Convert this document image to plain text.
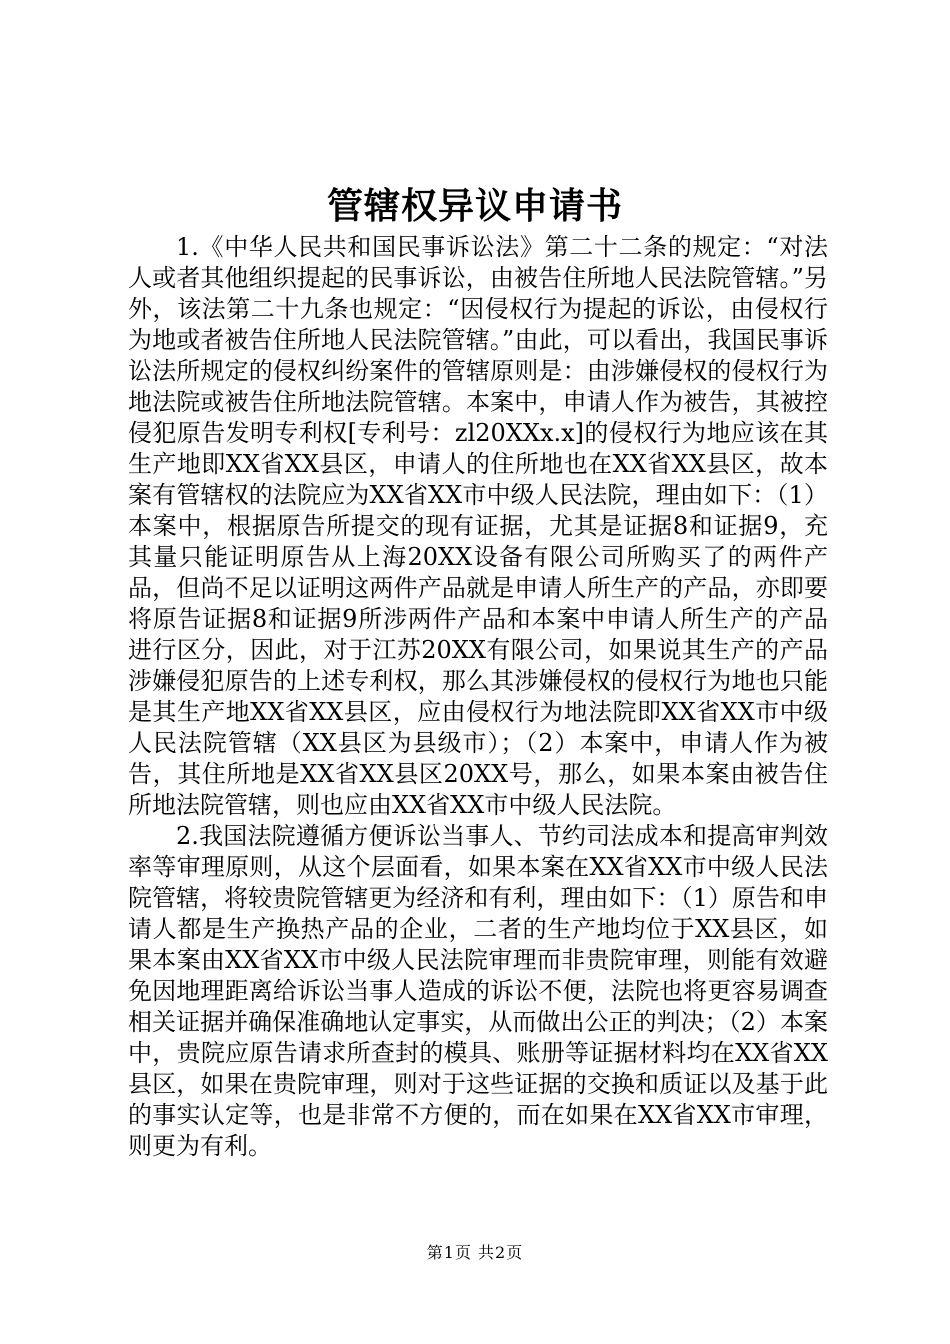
管辖权异议申请书

1.《中华人民共和国民事诉讼法》第二十二条的规定：“对法人或者其他组织提起的民事诉讼，由被告住所地人民法院管辖。”另外，该法第二十九条也规定：“因侵权行为提起的诉讼，由侵权行为地或者被告住所地人民法院管辖。”由此，可以看出，我国民事诉讼法所规定的侵权纠纷案件的管辖原则是：由涉嫌侵权的侵权行为地法院或被告住所地法院管辖。本案中，申请人作为被告，其被控侵犯原告发明专利权[专利号：zl20XXx.x]的侵权行为地应该在其生产地即XX省XX县区，申请人的住所地也在XX省XX县区，故本案有管辖权的法院应为XX省XX市中级人民法院，理由如下：（1）本案中，根据原告所提交的现有证据，尤其是证据8和证据9，充其量只能证明原告从上海20XX设备有限公司所购买了的两件产品，但尚不足以证明这两件产品就是申请人所生产的产品，亦即要将原告证据8和证据9所涉两件产品和本案中申请人所生产的产品进行区分，因此，对于江苏20XX有限公司，如果说其生产的产品涉嫌侵犯原告的上述专利权，那么其涉嫌侵权的侵权行为地也只能是其生产地XX省XX县区，应由侵权行为地法院即XX省XX市中级人民法院管辖（XX县区为县级市）；（2）本案中，申请人作为被告，其住所地是XX省XX县区20XX号，那么，如果本案由被告住所地法院管辖，则也应由XX省XX市中级人民法院。

2.我国法院遵循方便诉讼当事人、节约司法成本和提高审判效率等审理原则，从这个层面看，如果本案在XX省XX市中级人民法院管辖，将较贵院管辖更为经济和有利，理由如下：（1）原告和申请人都是生产换热产品的企业，二者的生产地均位于XX县区，如果本案由XX省XX市中级人民法院审理而非贵院审理，则能有效避免因地理距离给诉讼当事人造成的诉讼不便，法院也将更容易调查相关证据并确保准确地认定事实，从而做出公正的判决；（2）本案中，贵院应原告请求所查封的模具、账册等证据材料均在XX省XX县区，如果在贵院审理，则对于这些证据的交换和质证以及基于此的事实认定等，也是非常不方便的，而在如果在XX省XX市审理，则更为有利。

第1页 共2页
